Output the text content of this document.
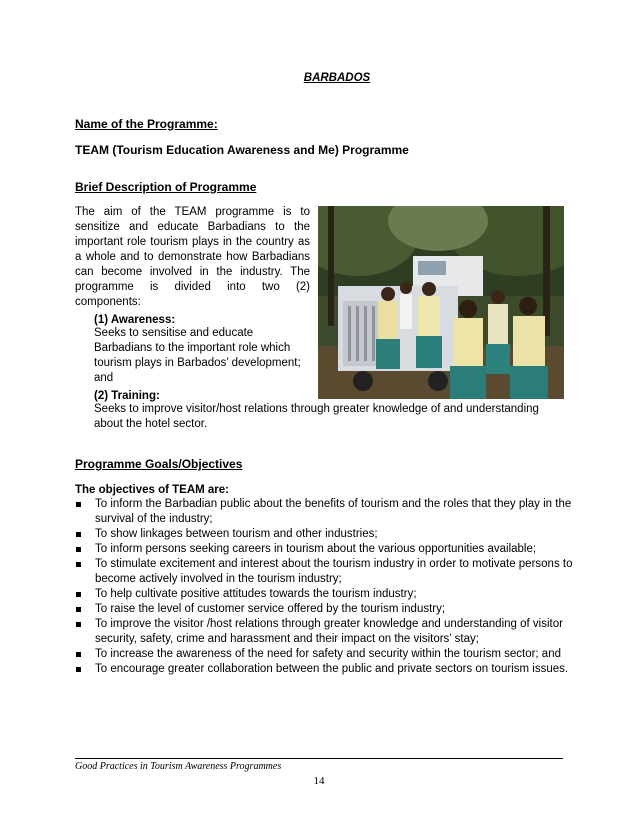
BARBADOS
Name of the Programme:
TEAM (Tourism Education Awareness and Me) Programme
Brief Description of Programme
The aim of the TEAM programme is to sensitize and educate Barbadians to the important role tourism plays in the country as a whole and to demonstrate how Barbadians can become involved in the industry. The programme is divided into two (2) components:
(1) Awareness:
Seeks to sensitise and educate
Barbadians to the important role which
tourism plays in Barbados’ development;
and
(2) Training:
Seeks to improve visitor/host relations through greater knowledge of and understanding
about the hotel sector.
Programme Goals/Objectives
The objectives of TEAM are:
To inform the Barbadian public about the benefits of tourism and the roles that they play in the
survival of the industry;
To show linkages between tourism and other industries;
To inform persons seeking careers in tourism about the various opportunities available;
To stimulate excitement and interest about the tourism industry in order to motivate persons to
become actively involved in the tourism industry;
To help cultivate positive attitudes towards the tourism industry;
To raise the level of customer service offered by the tourism industry;
To improve the visitor /host relations through greater knowledge and understanding of visitor
security, safety, crime and harassment and their impact on the visitors’ stay;
To increase the awareness of the need for safety and security within the tourism sector; and
To encourage greater collaboration between the public and private sectors on tourism issues.
Good Practices in Tourism Awareness Programmes
14
